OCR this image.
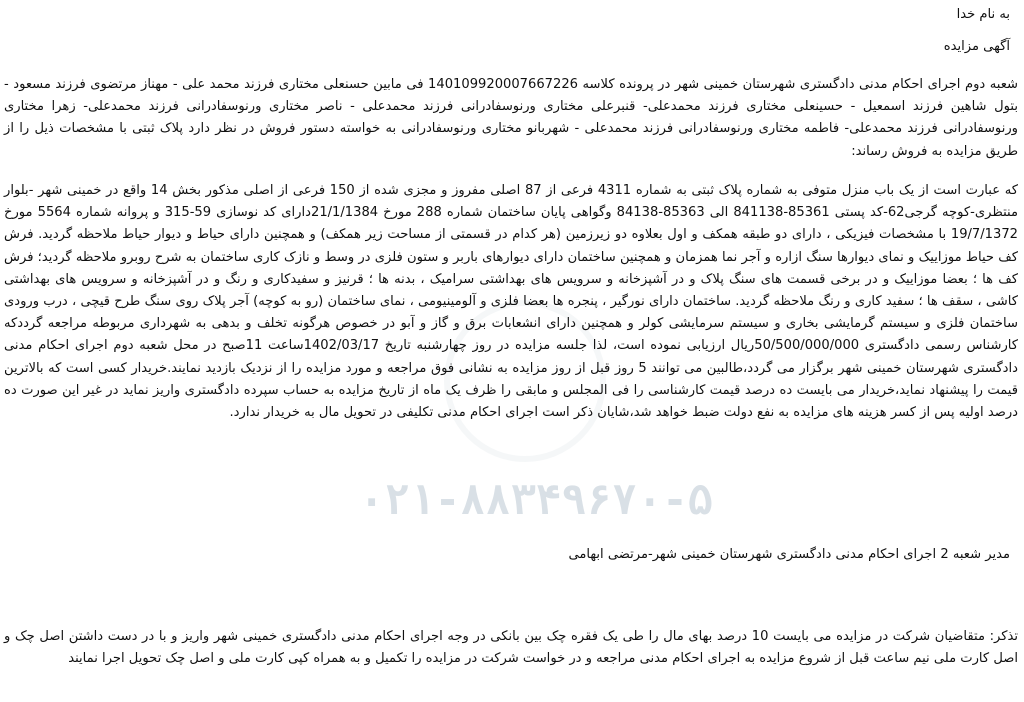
۰۲۱-۸۸۳۴۹۶۷۰-۵

به نام خدا

آگهی مزایده

شعبه دوم اجرای احکام مدنی دادگستری شهرستان خمینی شهر در پرونده کلاسه 140109920007667226 فی مابین حسنعلی مختاری فرزند محمد علی - مهناز مرتضوی فرزند مسعود - بتول شاهین فرزند اسمعیل - حسینعلی مختاری فرزند محمدعلی- قنبرعلی مختاری ورنوسفادرانی فرزند محمدعلی - ناصر مختاری ورنوسفادرانی فرزند محمدعلی- زهرا مختاری ورنوسفادرانی فرزند محمدعلی- فاطمه مختاری ورنوسفادرانی فرزند محمدعلی - شهربانو مختاری ورنوسفادرانی به خواسته دستور فروش در نظر دارد پلاک ثبتی با مشخصات ذیل را از طریق مزایده به فروش رساند:

که عبارت است از یک باب منزل متوفی به شماره پلاک ثبتی به شماره 4311 فرعی از 87 اصلی مفروز و مجزی شده از 150 فرعی از اصلی مذکور بخش 14 واقع در خمینی شهر -بلوار منتظری-کوچه گرجی62-کد پستی 85361-841138 الی 85363-84138 وگواهی پایان ساختمان شماره 288 مورخ 21/1/1384دارای کد نوسازی 59-315 و پروانه شماره 5564 مورخ 19/7/1372 با مشخصات فیزیکی ، دارای دو طبقه همکف و اول بعلاوه دو زیرزمین (هر کدام در قسمتی از مساحت زیر همکف) و همچنین دارای حیاط و دیوار حیاط ملاحظه گردید. فرش کف حیاط موزاییک و نمای دیوارها سنگ ازاره و آجر نما همزمان و همچنین ساختمان دارای دیوارهای باربر و ستون فلزی در وسط و نازک کاری ساختمان به شرح روبرو ملاحظه گردید؛ فرش کف ها ؛ بعضا موزاییک و در برخی قسمت های سنگ پلاک و در آشپزخانه و سرویس های بهداشتی سرامیک ، بدنه ها ؛ قرنیز و سفیدکاری و رنگ و در آشپزخانه و سرویس های بهداشتی کاشی ، سقف ها ؛ سفید کاری و رنگ ملاحظه گردید. ساختمان دارای نورگیر ، پنجره ها بعضا فلزی و آلومینیومی ، نمای ساختمان (رو به کوچه) آجر پلاک روی سنگ طرح قیچی ، درب ورودی ساختمان فلزی و سیستم گرمایشی بخاری و سیستم سرمایشی کولر و همچنین دارای انشعابات برق و گاز و آبو در خصوص هرگونه تخلف و بدهی به شهرداری مربوطه مراجعه گرددکه کارشناس رسمی دادگستری 50/500/000/000ریال ارزیابی نموده است، لذا جلسه مزایده در روز چهارشنبه تاریخ 1402/03/17ساعت 11صبح در محل شعبه دوم اجرای احکام مدنی دادگستری شهرستان خمینی شهر برگزار می گردد،طالبین می توانند 5 روز قبل از روز مزایده به نشانی فوق مراجعه و مورد مزایده را از نزدیک بازدید نمایند.خریدار کسی است که بالاترین قیمت را پیشنهاد نماید،خریدار می بایست ده درصد قیمت کارشناسی را فی المجلس و مابقی را ظرف یک ماه از تاریخ مزایده به حساب سپرده دادگستری واریز نماید در غیر این صورت ده درصد اولیه پس از کسر هزینه های مزایده به نفع دولت ضبط خواهد شد،شایان ذکر است اجرای احکام مدنی تکلیفی در تحویل مال به خریدار ندارد.

مدیر شعبه 2 اجرای احکام مدنی دادگستری شهرستان خمینی شهر-مرتضی ابهامی

تذکر: متقاضیان شرکت در مزایده می بایست 10 درصد بهای مال را طی یک فقره چک بین بانکی در وجه اجرای احکام مدنی دادگستری خمینی شهر واریز و با در دست داشتن اصل چک و اصل کارت ملی نیم ساعت قبل از شروع مزایده به اجرای احکام مدنی مراجعه و در خواست شرکت در مزایده را تکمیل و به همراه کپی کارت ملی و اصل چک تحویل اجرا نمایند
